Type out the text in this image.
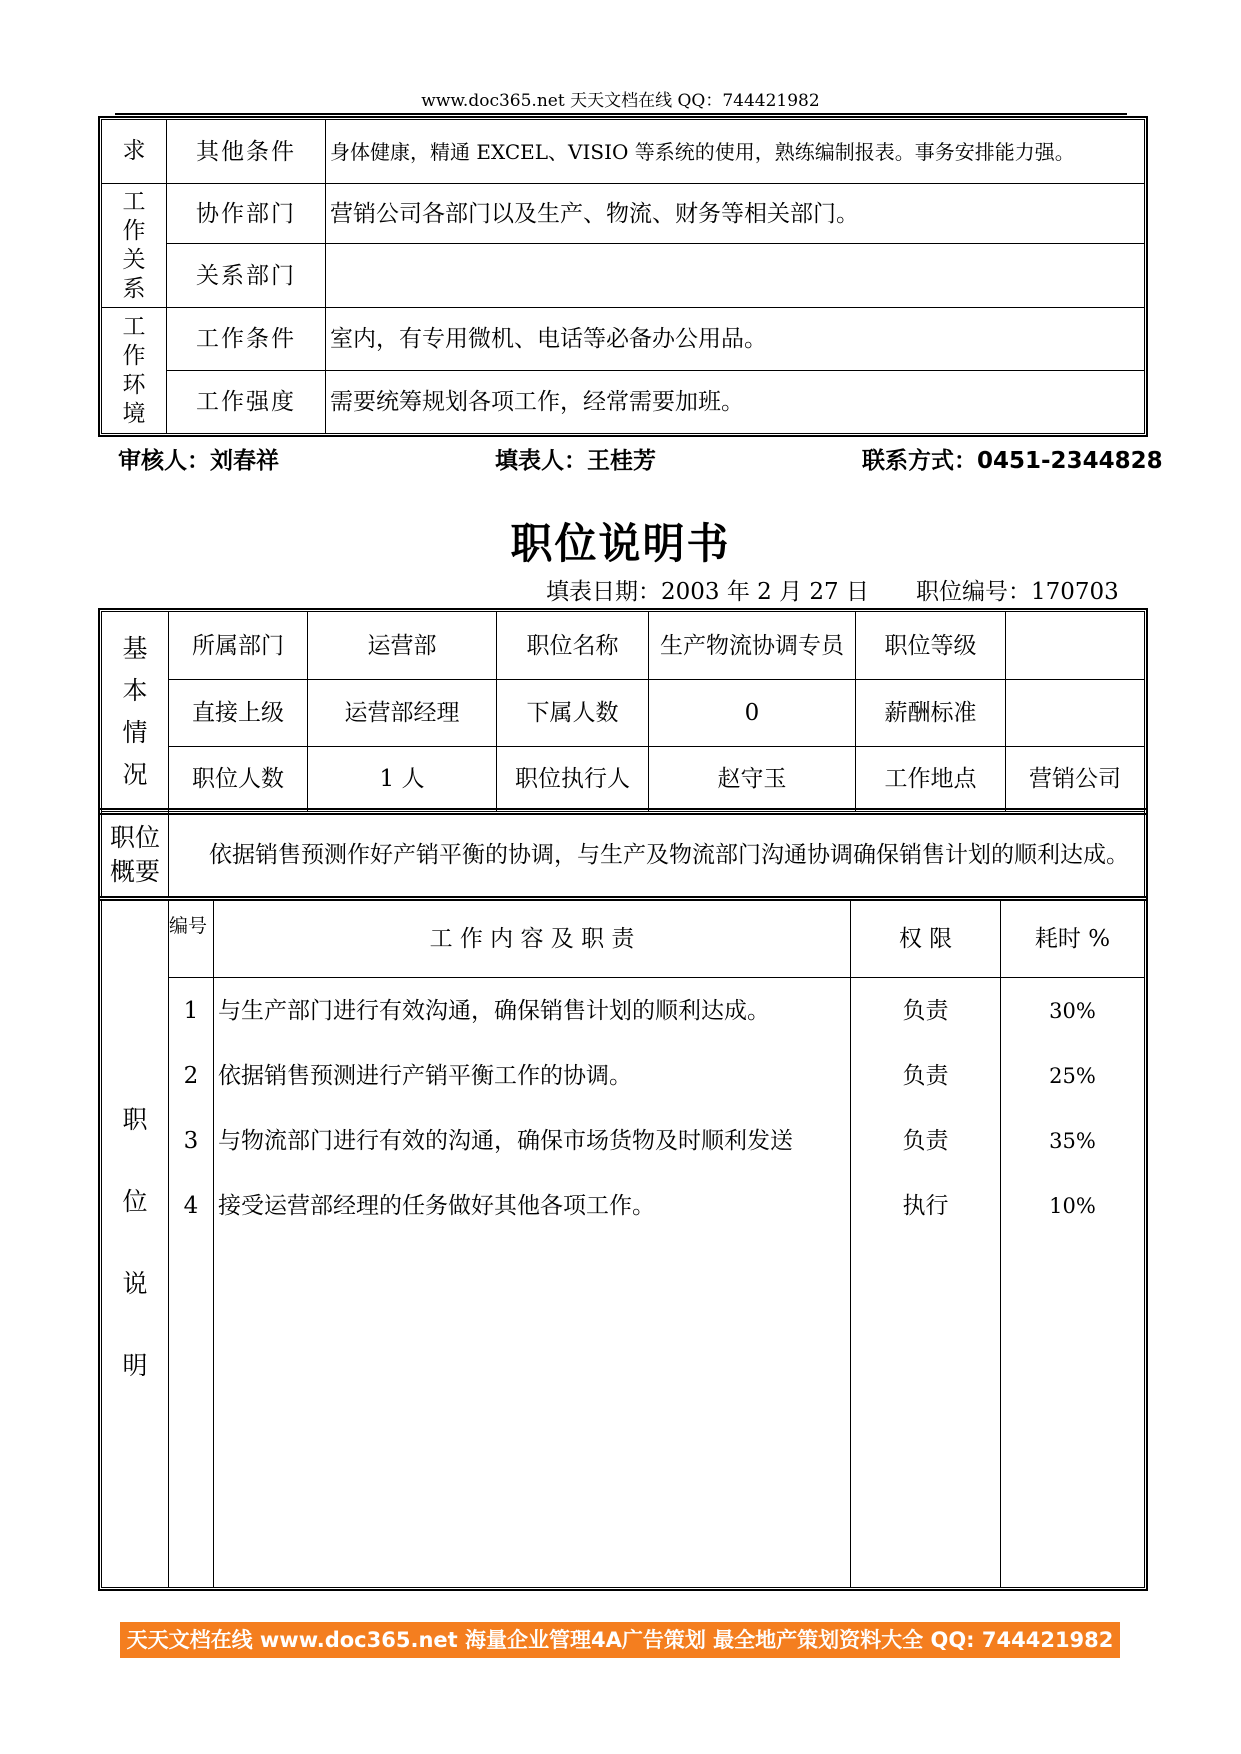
www.doc365.net 天天文档在线 QQ：744421982
求	其他条件	身体健康，精通 EXCEL、VISIO 等系统的使用，熟练编制报表。事务安排能力强。

工
作
关
系	协作部门	营销公司各部门以及生产、物流、财务等相关部门。
	关系部门	

工
作
环
境	工作条件	室内，有专用微机、电话等必备办公用品。
	工作强度	需要统筹规划各项工作，经常需要加班。
审核人：刘春祥	填表人：王桂芳	联系方式：0451-2344828
职位说明书
填表日期：2003 年 2 月 27 日 职位编号：170703
基
本
情
况	所属部门	运营部	职位名称	生产物流协调专员	职位等级	
	直接上级	运营部经理	下属人数	0	薪酬标准	
	职位人数	1 人	职位执行人	赵守玉	工作地点	营销公司
职位
概要
	依据销售预测作好产销平衡的协调，与生产及物流部门沟通协调确保销售计划的顺利达成。
职
位
说
明	编号	工 作 内 容 及 职 责	权 限	耗时 %
	1	与生产部门进行有效沟通，确保销售计划的顺利达成。	负责	30%
	2	依据销售预测进行产销平衡工作的协调。	负责	25%
	3	与物流部门进行有效的沟通，确保市场货物及时顺利发送	负责	35%
	4	接受运营部经理的任务做好其他各项工作。	执行	10%

天天文档在线 www.doc365.net 海量企业管理4A广告策划 最全地产策划资料大全 QQ: 744421982
